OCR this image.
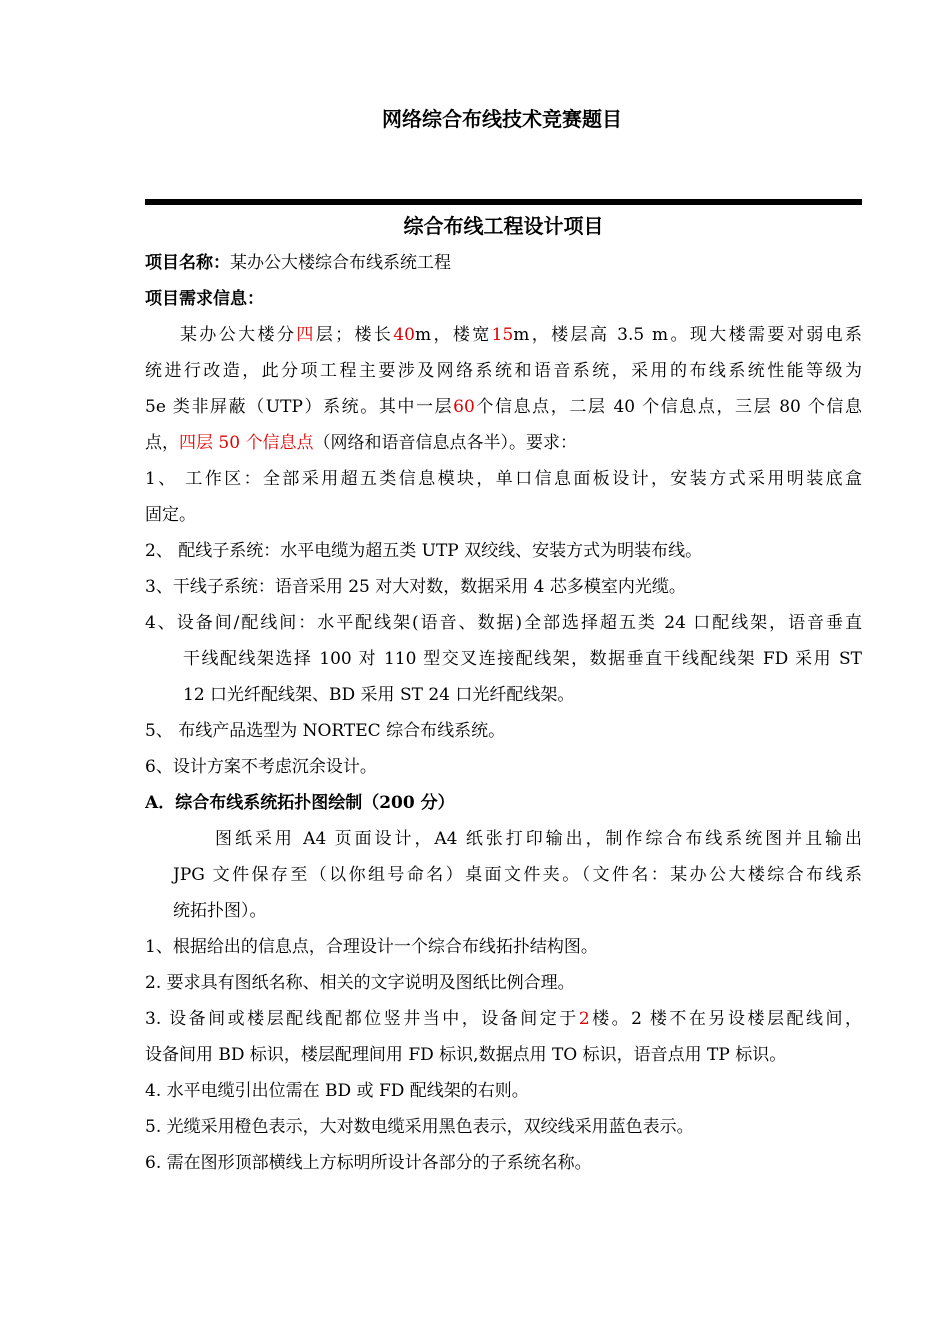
网络综合布线技术竞赛题目
综合布线工程设计项目

项目名称：某办公大楼综合布线系统工程

项目需求信息：

某办公大楼分四层；楼长40m，楼宽15m，楼层高 3.5 m。现大楼需要对弱电系

统进行改造，此分项工程主要涉及网络系统和语音系统，采用的布线系统性能等级为

5e 类非屏蔽（UTP）系统。其中一层60个信息点，二层 40 个信息点，三层 80 个信息

点，四层 50 个信息点（网络和语音信息点各半）。要求：

1、 工作区：全部采用超五类信息模块，单口信息面板设计，安装方式采用明装底盒

固定。

2、 配线子系统：水平电缆为超五类 UTP 双绞线、安装方式为明装布线。

3、干线子系统：语音采用 25 对大对数，数据采用 4 芯多模室内光缆。

4、设备间/配线间：水平配线架(语音、数据)全部选择超五类 24 口配线架，语音垂直

干线配线架选择 100 对 110 型交叉连接配线架，数据垂直干线配线架 FD 采用 ST

12 口光纤配线架、BD 采用 ST 24 口光纤配线架。

5、 布线产品选型为 NORTEC 综合布线系统。

6、设计方案不考虑沉余设计。

A．综合布线系统拓扑图绘制（200 分）

图纸采用 A4 页面设计，A4 纸张打印输出，制作综合布线系统图并且输出

JPG 文件保存至（以你组号命名）桌面文件夹。（文件名：某办公大楼综合布线系

统拓扑图）。

1、根据给出的信息点，合理设计一个综合布线拓扑结构图。

2. 要求具有图纸名称、相关的文字说明及图纸比例合理。

3. 设备间或楼层配线配都位竖井当中，设备间定于2楼。2 楼不在另设楼层配线间，

设备间用 BD 标识，楼层配理间用 FD 标识,数据点用 TO 标识，语音点用 TP 标识。

4. 水平电缆引出位需在 BD 或 FD 配线架的右则。

5. 光缆采用橙色表示，大对数电缆采用黑色表示，双绞线采用蓝色表示。

6. 需在图形顶部横线上方标明所设计各部分的子系统名称。
